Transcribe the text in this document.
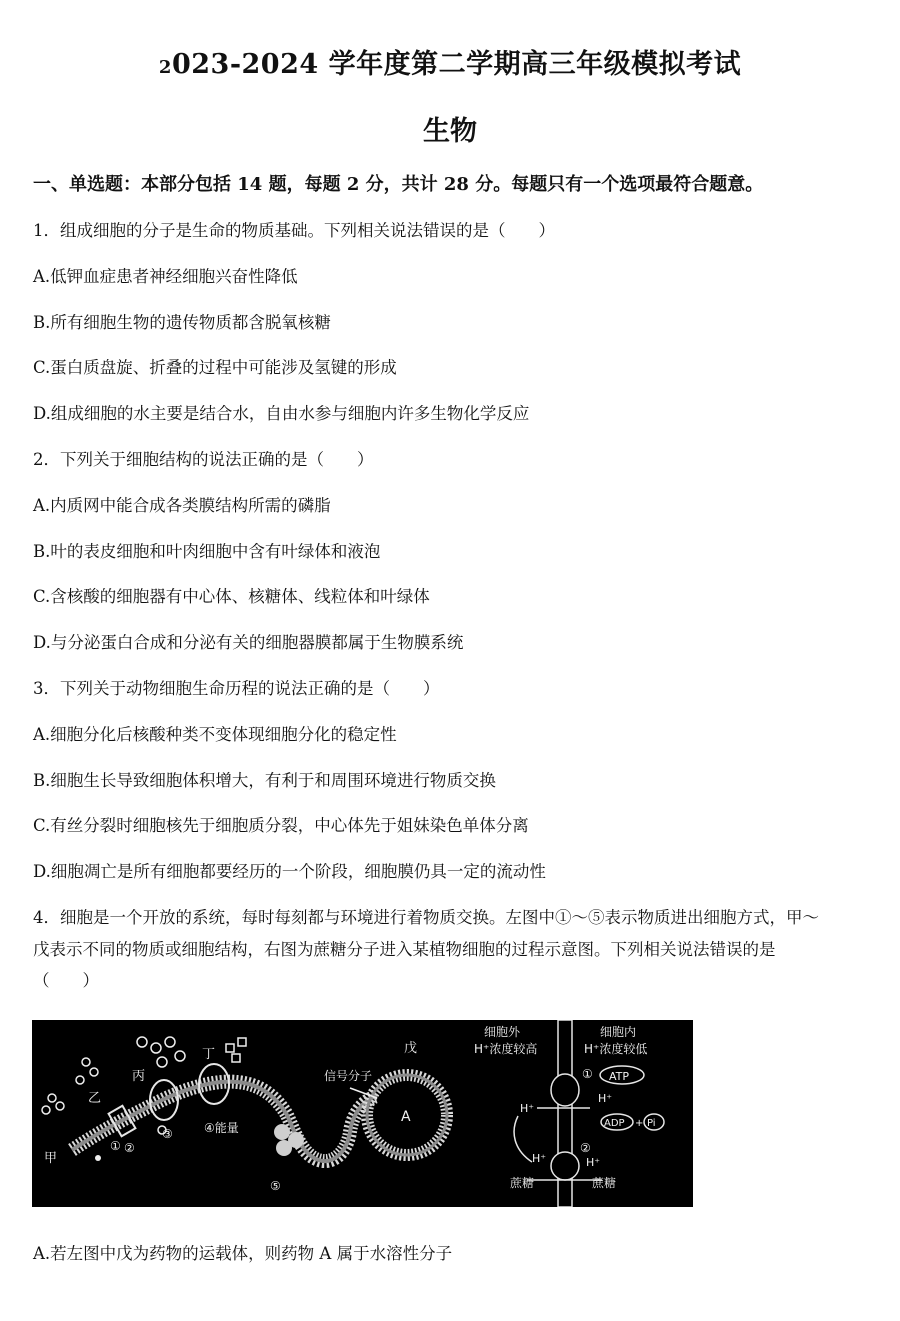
2023-2024 学年度第二学期高三年级模拟考试
生物
一、单选题：本部分包括 14 题，每题 2 分，共计 28 分。每题只有一个选项最符合题意。
1．组成细胞的分子是生命的物质基础。下列相关说法错误的是（　　）
A.低钾血症患者神经细胞兴奋性降低
B.所有细胞生物的遗传物质都含脱氧核糖
C.蛋白质盘旋、折叠的过程中可能涉及氢键的形成
D.组成细胞的水主要是结合水，自由水参与细胞内许多生物化学反应
2．下列关于细胞结构的说法正确的是（　　）
A.内质网中能合成各类膜结构所需的磷脂
B.叶的表皮细胞和叶肉细胞中含有叶绿体和液泡
C.含核酸的细胞器有中心体、核糖体、线粒体和叶绿体
D.与分泌蛋白合成和分泌有关的细胞器膜都属于生物膜系统
3．下列关于动物细胞生命历程的说法正确的是（　　）
A.细胞分化后核酸种类不变体现细胞分化的稳定性
B.细胞生长导致细胞体积增大，有利于和周围环境进行物质交换
C.有丝分裂时细胞核先于细胞质分裂，中心体先于姐妹染色单体分离
D.细胞凋亡是所有细胞都要经历的一个阶段，细胞膜仍具一定的流动性
4．细胞是一个开放的系统，每时每刻都与环境进行着物质交换。左图中①～⑤表示物质进出细胞方式，甲～
戊表示不同的物质或细胞结构，右图为蔗糖分子进入某植物细胞的过程示意图。下列相关说法错误的是
（　　）
甲
乙
丙
丁	戊
信号分子
A
① ②
③	④能量
⑤
细胞外
H⁺浓度较高
细胞内
H⁺浓度较低
ATP
ADP + Pi
H⁺
H⁺
H⁺	H⁺
①
②
蔗糖	蔗糖
A.若左图中戊为药物的运载体，则药物 A 属于水溶性分子
